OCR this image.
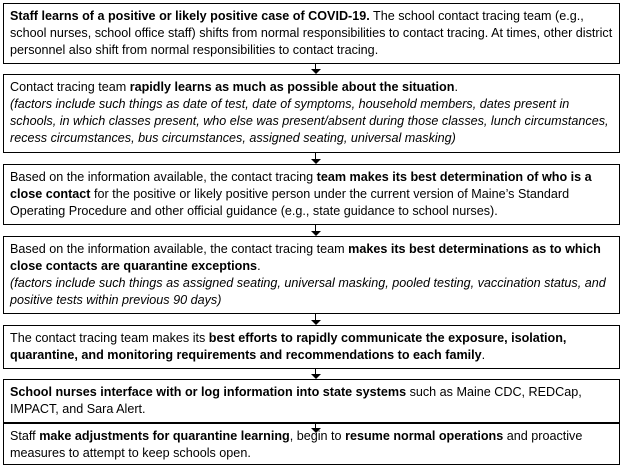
Staff learns of a positive or likely positive case of COVID-19. The school contact tracing team (e.g., school nurses, school office staff) shifts from normal responsibilities to contact tracing. At times, other district personnel also shift from normal responsibilities to contact tracing.
Contact tracing team rapidly learns as much as possible about the situation.
(factors include such things as date of test, date of symptoms, household members, dates present in schools, in which classes present, who else was present/absent during those classes, lunch circumstances, recess circumstances, bus circumstances, assigned seating, universal masking)
Based on the information available, the contact tracing team makes its best determination of who is a close contact for the positive or likely positive person under the current version of Maine’s Standard Operating Procedure and other official guidance (e.g., state guidance to school nurses).
Based on the information available, the contact tracing team makes its best determinations as to which close contacts are quarantine exceptions.
(factors include such things as assigned seating, universal masking, pooled testing, vaccination status, and positive tests within previous 90 days)
The contact tracing team makes its best efforts to rapidly communicate the exposure, isolation, quarantine, and monitoring requirements and recommendations to each family.
School nurses interface with or log information into state systems such as Maine CDC, REDCap, IMPACT, and Sara Alert.
Staff make adjustments for quarantine learning, begin to resume normal operations and proactive measures to attempt to keep schools open.
